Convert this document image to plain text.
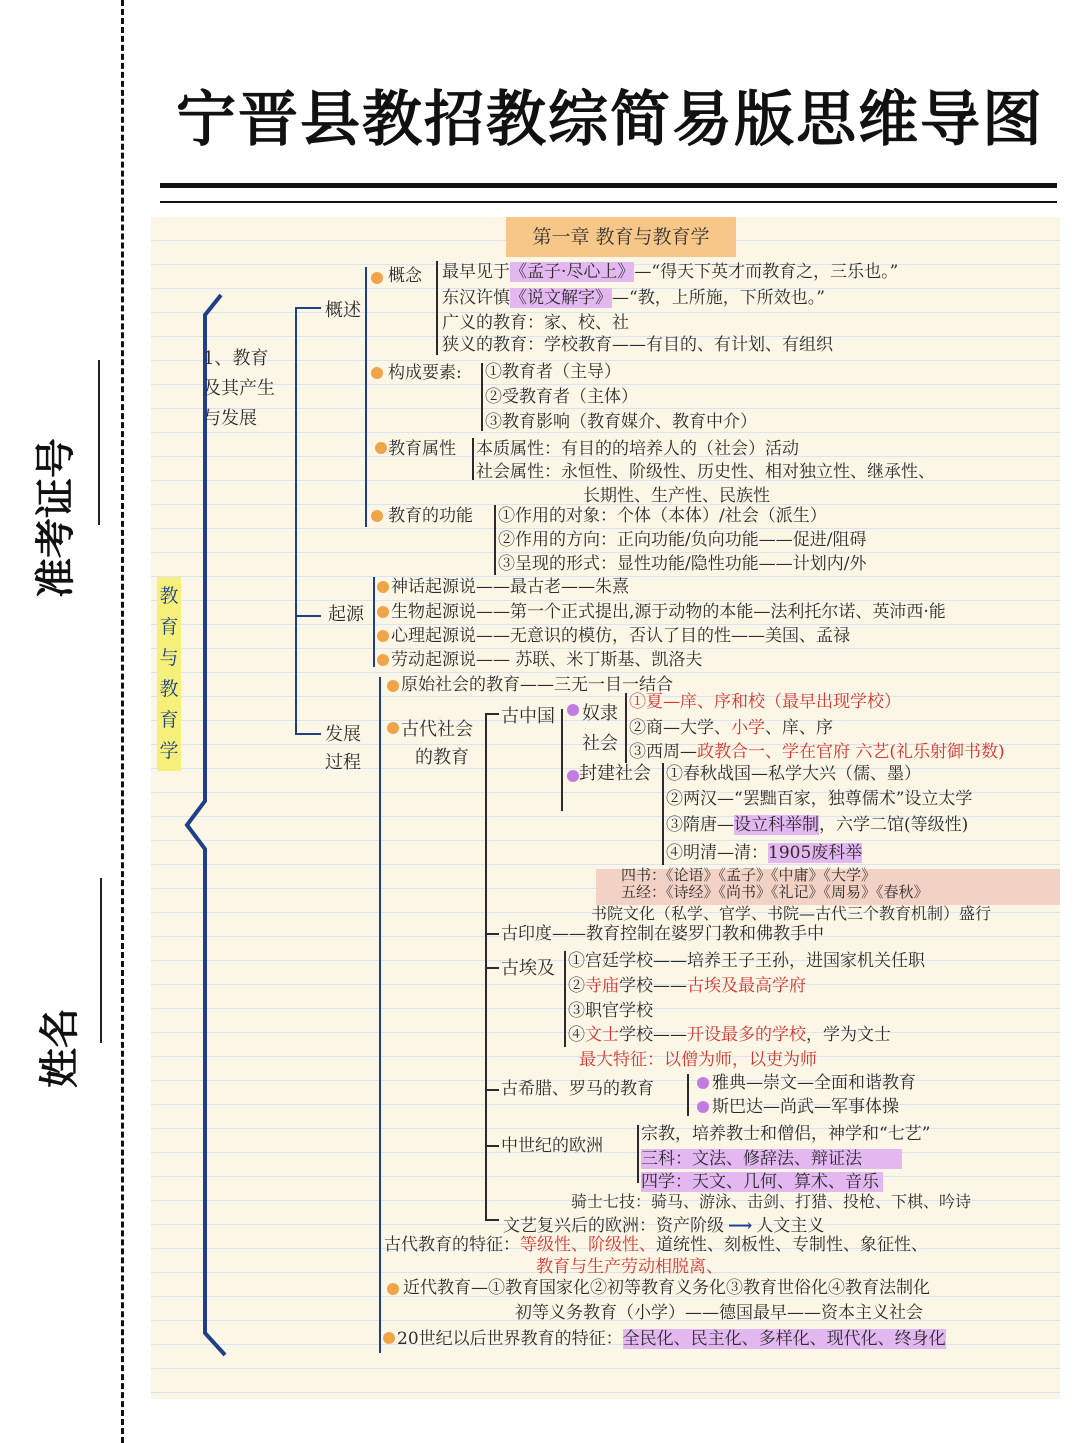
准考证号
姓名
宁晋县教招教综简易版思维导图
第一章 教育与教育学
教育与教育学
1、教育
及其产生
与发展
概述
起源
发展
过程
概念 最早见于《孟子·尽心上》—“得天下英才而教育之，三乐也。”
东汉许慎《说文解字》—“教，上所施，下所效也。”
广义的教育：家、校、社
狭义的教育：学校教育——有目的、有计划、有组织
构成要素: ①教育者（主导）
②受教育者（主体）
③教育影响（教育媒介、教育中介）
教育属性 本质属性：有目的的培养人的（社会）活动
社会属性：永恒性、阶级性、历史性、相对独立性、继承性、
长期性、生产性、民族性
教育的功能 ①作用的对象：个体（本体）/社会（派生）
②作用的方向：正向功能/负向功能——促进/阻碍
③呈现的形式：显性功能/隐性功能——计划内/外
神话起源说——最古老——朱熹
生物起源说——第一个正式提出,源于动物的本能—法利托尔诺、英沛西·能
心理起源说——无意识的模仿，否认了目的性——美国、孟禄
劳动起源说—— 苏联、米丁斯基、凯洛夫
原始社会的教育——三无一目一结合
古代社会
的教育
古中国 奴隶
社会
①夏—庠、序和校（最早出现学校）
②商—大学、小学、庠、序
③西周—政教合一、学在官府 六艺(礼乐射御书数)
封建社会 ①春秋战国—私学大兴（儒、墨）
②两汉—“罢黜百家，独尊儒术”设立太学
③隋唐—设立科举制，六学二馆(等级性)
④明清—清：1905废科举
四书：《论语》《孟子》《中庸》《大学》
五经：《诗经》《尚书》《礼记》《周易》《春秋》
书院文化（私学、官学、书院—古代三个教育机制）盛行
古印度——教育控制在婆罗门教和佛教手中
古埃及 ①宫廷学校——培养王子王孙，进国家机关任职
②寺庙学校——古埃及最高学府
③职官学校
④文士学校——开设最多的学校，学为文士
最大特征：以僧为师，以吏为师
古希腊、罗马的教育	雅典—崇文—全面和谐教育
斯巴达—尚武—军事体操
中世纪的欧洲
宗教，培养教士和僧侣，神学和“七艺”
三科：文法、修辞法、辩证法
四学：天文、几何、算术、音乐
骑士七技：骑马、游泳、击剑、打猎、投枪、下棋、吟诗
文艺复兴后的欧洲：资产阶级 ⟶ 人文主义
古代教育的特征：等级性、阶级性、道统性、刻板性、专制性、象征性、
教育与生产劳动相脱离、
近代教育—①教育国家化②初等教育义务化③教育世俗化④教育法制化
初等义务教育（小学）——德国最早——资本主义社会
20世纪以后世界教育的特征：全民化、民主化、多样化、现代化、终身化
